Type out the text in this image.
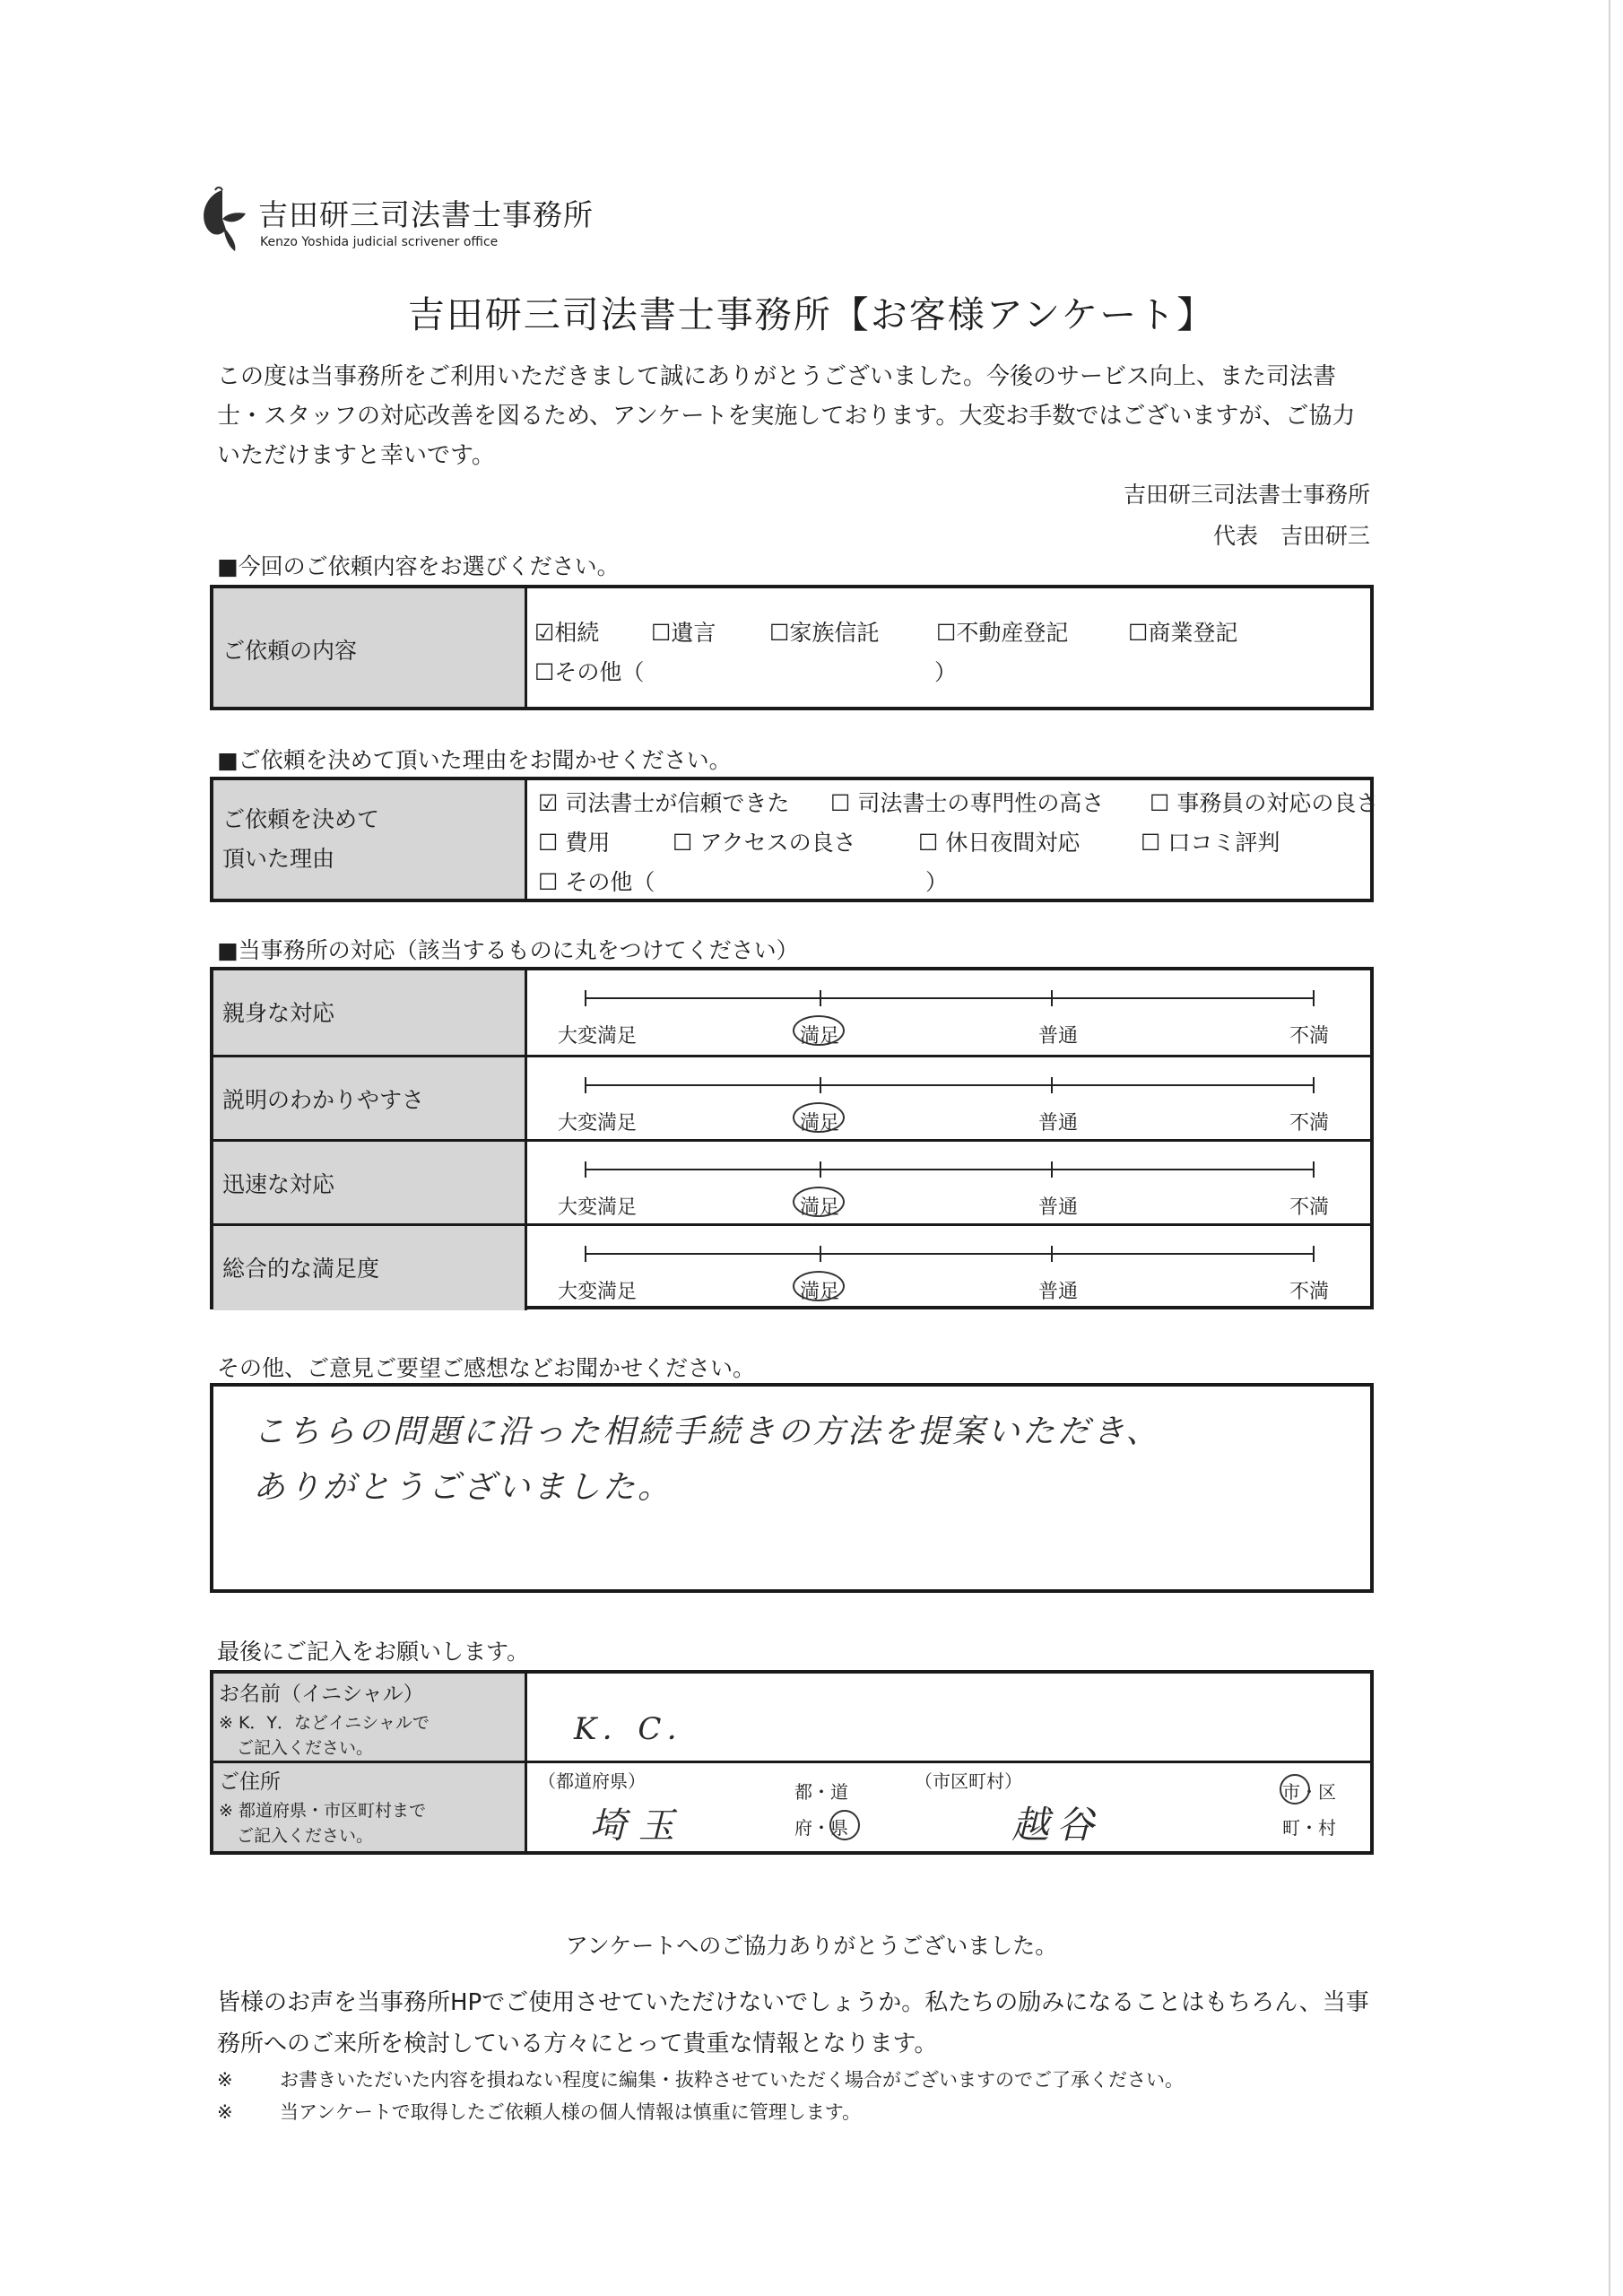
吉田研三司法書士事務所
Kenzo Yoshida judicial scrivener office
吉田研三司法書士事務所【お客様アンケート】
この度は当事務所をご利用いただきまして誠にありがとうございました。今後のサービス向上、また司法書士・スタッフの対応改善を図るため、アンケートを実施しております。大変お手数ではございますが、ご協力いただけますと幸いです。
吉田研三司法書士事務所
代表　吉田研三
■今回のご依頼内容をお選びください。
ご依頼の内容
☑相続 ☐遺言 ☐家族信託	☐不動産登記	☐商業登記
☐その他（	）
■ご依頼を決めて頂いた理由をお聞かせください。
ご依頼を決めて
頂いた理由
☑ 司法書士が信頼できた ☐ 司法書士の専門性の高さ ☐ 事務員の対応の良さ
☐ 費用	☐ アクセスの良さ	☐ 休日夜間対応	☐ 口コミ評判
☐ その他（	）
■当事務所の対応（該当するものに丸をつけてください）
親身な対応
大変満足	満足	普通	不満
説明のわかりやすさ
大変満足	満足	普通	不満
迅速な対応
大変満足	満足	普通	不満
総合的な満足度
大変満足	満足	普通	不満
その他、ご意見ご要望ご感想などお聞かせください。
こちらの問題に沿った相続手続きの方法を提案いただき、
ありがとうございました。
最後にご記入をお願いします。
お名前（イニシャル）
※ K．Y．などイニシャルで
ご記入ください。
K．C．
ご住所
※ 都道府県・市区町村まで
ご記入ください。
（都道府県）
埼玉
都・道
府・県
（市区町村）
越谷
市・区
町・村
アンケートへのご協力ありがとうございました。
皆様のお声を当事務所HPでご使用させていただけないでしょうか。私たちの励みになることはもちろん、当事務所へのご来所を検討している方々にとって貴重な情報となります。
※ お書きいただいた内容を損ねない程度に編集・抜粋させていただく場合がございますのでご了承ください。
※ 当アンケートで取得したご依頼人様の個人情報は慎重に管理します。
